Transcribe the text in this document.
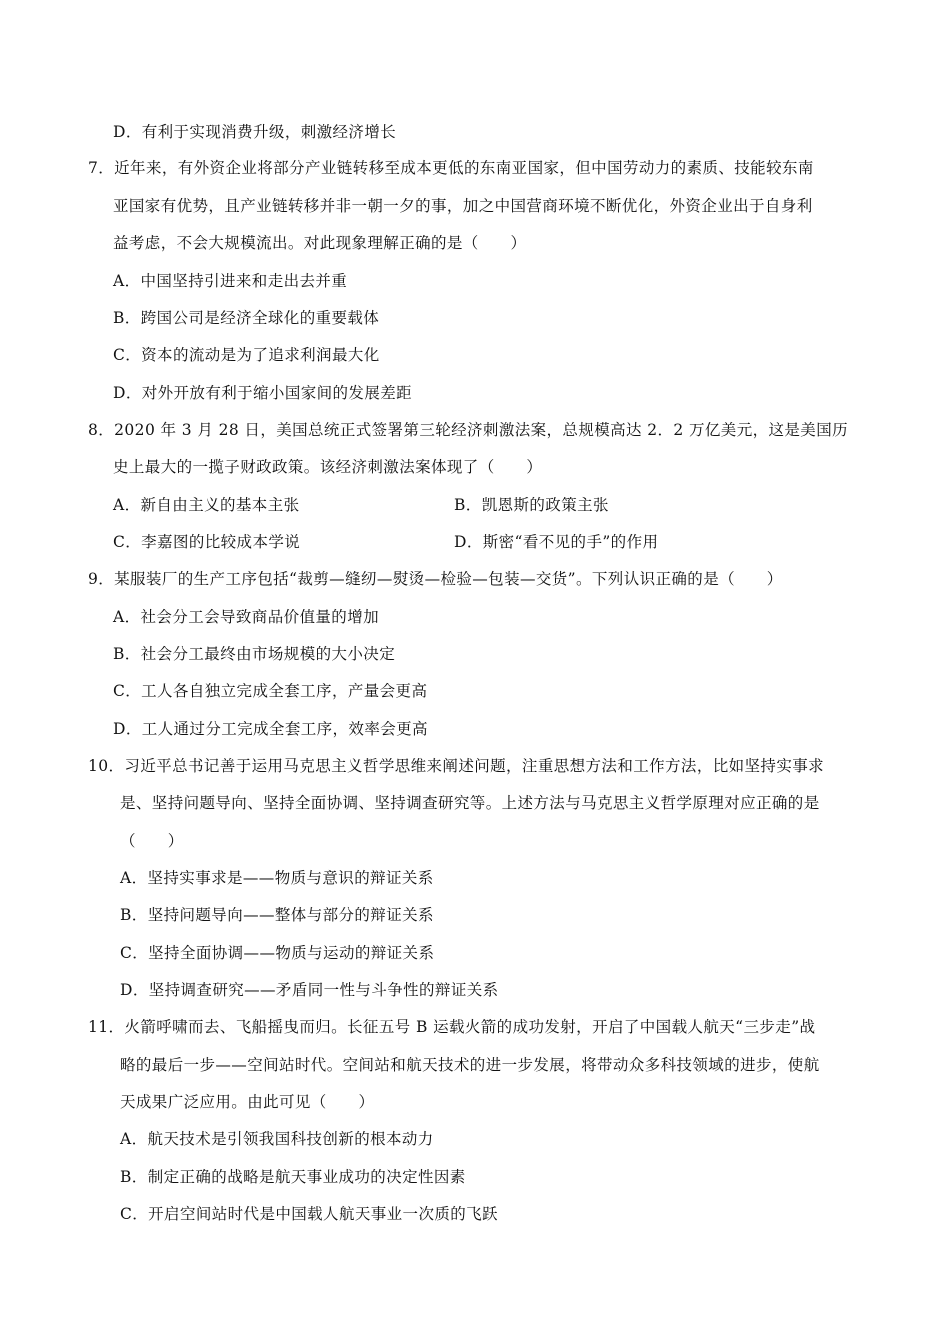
D．有利于实现消费升级，刺激经济增长
7．近年来，有外资企业将部分产业链转移至成本更低的东南亚国家，但中国劳动力的素质、技能较东南
亚国家有优势，且产业链转移并非一朝一夕的事，加之中国营商环境不断优化，外资企业出于自身利
益考虑，不会大规模流出。对此现象理解正确的是（　　）
A．中国坚持引进来和走出去并重
B．跨国公司是经济全球化的重要载体
C．资本的流动是为了追求利润最大化
D．对外开放有利于缩小国家间的发展差距
8．2020 年 3 月 28 日，美国总统正式签署第三轮经济刺激法案，总规模高达 2．2 万亿美元，这是美国历
史上最大的一揽子财政政策。该经济刺激法案体现了（　　）
A．新自由主义的基本主张	B．凯恩斯的政策主张
C．李嘉图的比较成本学说	D．斯密“看不见的手”的作用
9．某服装厂的生产工序包括“裁剪—缝纫—熨烫—检验—包装—交货”。下列认识正确的是（　　）
A．社会分工会导致商品价值量的增加
B．社会分工最终由市场规模的大小决定
C．工人各自独立完成全套工序，产量会更高
D．工人通过分工完成全套工序，效率会更高
10．习近平总书记善于运用马克思主义哲学思维来阐述问题，注重思想方法和工作方法，比如坚持实事求
是、坚持问题导向、坚持全面协调、坚持调查研究等。上述方法与马克思主义哲学原理对应正确的是
（　　）
A．坚持实事求是——物质与意识的辩证关系
B．坚持问题导向——整体与部分的辩证关系
C．坚持全面协调——物质与运动的辩证关系
D．坚持调查研究——矛盾同一性与斗争性的辩证关系
11．火箭呼啸而去、飞船摇曳而归。长征五号 B 运载火箭的成功发射，开启了中国载人航天“三步走”战
略的最后一步——空间站时代。空间站和航天技术的进一步发展，将带动众多科技领域的进步，使航
天成果广泛应用。由此可见（　　）
A．航天技术是引领我国科技创新的根本动力
B．制定正确的战略是航天事业成功的决定性因素
C．开启空间站时代是中国载人航天事业一次质的飞跃
